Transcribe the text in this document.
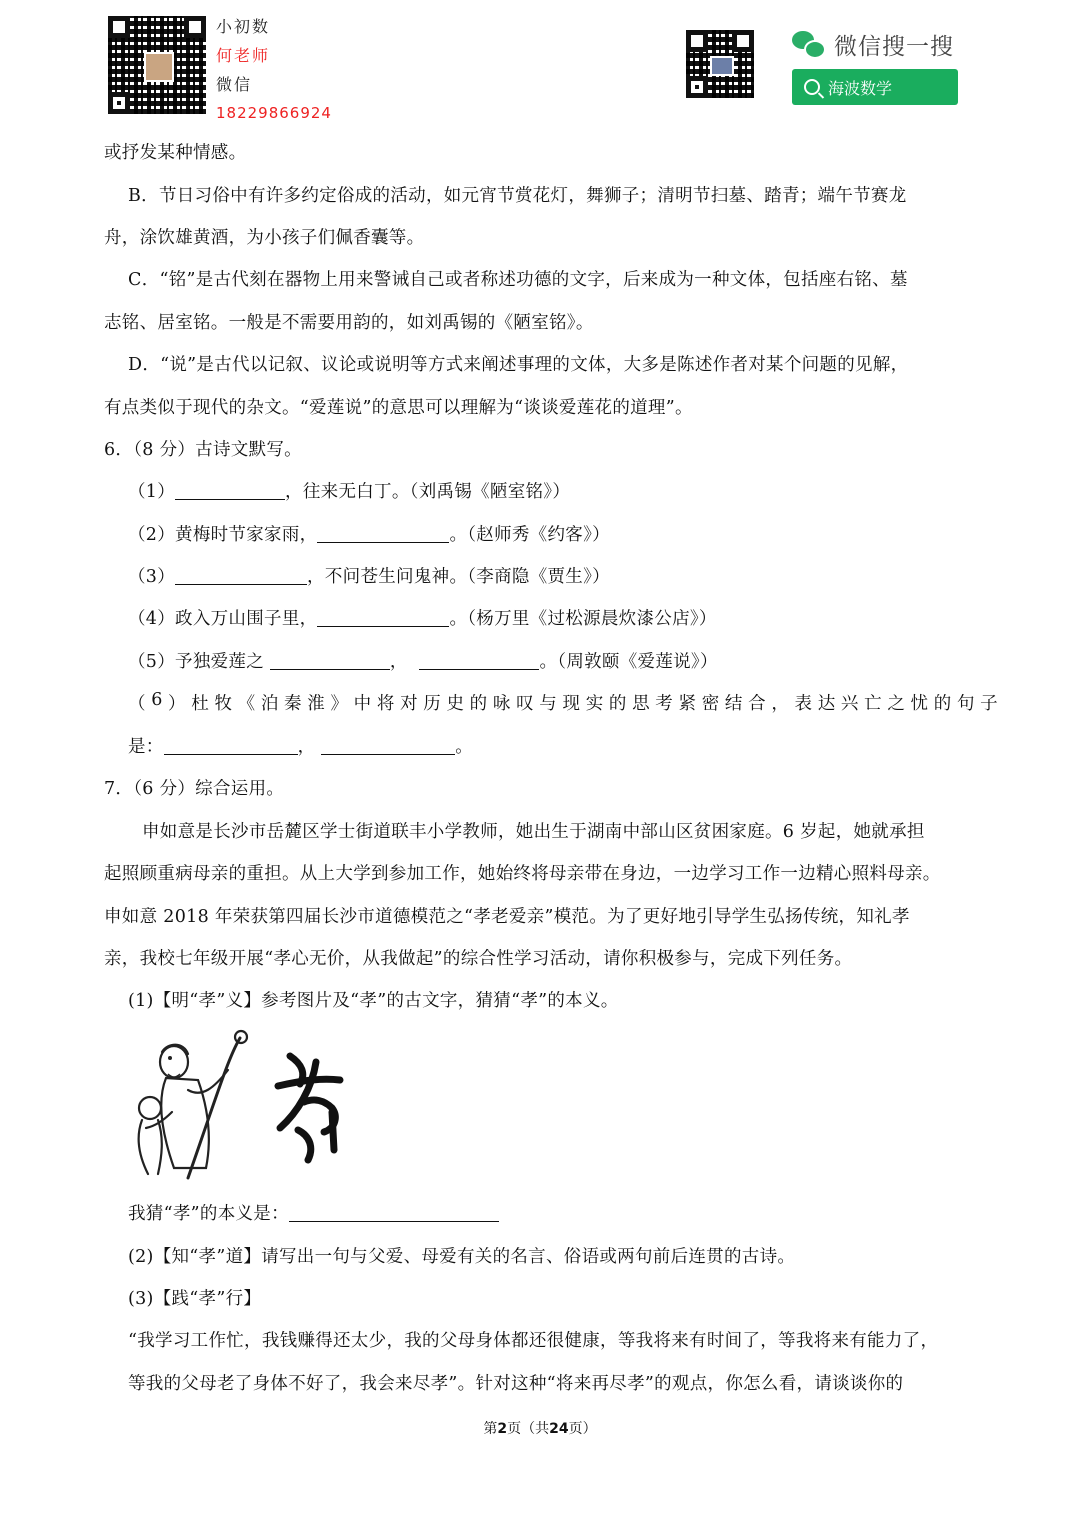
小初数
何老师
微信
18229866924
微信搜一搜
海波数学
或抒发某种情感。
B．节日习俗中有许多约定俗成的活动，如元宵节赏花灯，舞狮子；清明节扫墓、踏青；端午节赛龙
舟，涂饮雄黄酒，为小孩子们佩香囊等。
C．“铭”是古代刻在器物上用来警诫自己或者称述功德的文字，后来成为一种文体，包括座右铭、墓
志铭、居室铭。一般是不需要用韵的，如刘禹锡的《陋室铭》。
D．“说”是古代以记叙、议论或说明等方式来阐述事理的文体，大多是陈述作者对某个问题的见解，
有点类似于现代的杂文。“爱莲说”的意思可以理解为“谈谈爱莲花的道理”。
6．（8 分）古诗文默写。
（1）	，往来无白丁。（刘禹锡《陋室铭》）
（2）黄梅时节家家雨，	。（赵师秀《约客》）
（3）	，不问苍生问鬼神。（李商隐《贾生》）
（4）政入万山围子里，	。（杨万里《过松源晨炊漆公店》）
（5）予独爱莲之	，	。（周敦颐《爱莲说》）
（ 6 ） 杜 牧 《 泊 秦 淮 》 中 将 对 历 史 的 咏 叹 与 现 实 的 思 考 紧 密 结 合 ， 表 达 兴 亡 之 忧 的 句 子
是：	，	。
7．（6 分）综合运用。
申如意是长沙市岳麓区学士街道联丰小学教师，她出生于湖南中部山区贫困家庭。6 岁起，她就承担
起照顾重病母亲的重担。从上大学到参加工作，她始终将母亲带在身边，一边学习工作一边精心照料母亲。
申如意 2018 年荣获第四届长沙市道德模范之“孝老爱亲”模范。为了更好地引导学生弘扬传统，知礼孝
亲，我校七年级开展“孝心无价，从我做起”的综合性学习活动，请你积极参与，完成下列任务。
(1)【明“孝”义】参考图片及“孝”的古文字，猜猜“孝”的本义。
我猜“孝”的本义是：
(2)【知“孝”道】请写出一句与父爱、母爱有关的名言、俗语或两句前后连贯的古诗。
(3)【践“孝”行】
“我学习工作忙，我钱赚得还太少，我的父母身体都还很健康，等我将来有时间了，等我将来有能力了，
等我的父母老了身体不好了，我会来尽孝”。针对这种“将来再尽孝”的观点，你怎么看，请谈谈你的
第2页（共24页）
